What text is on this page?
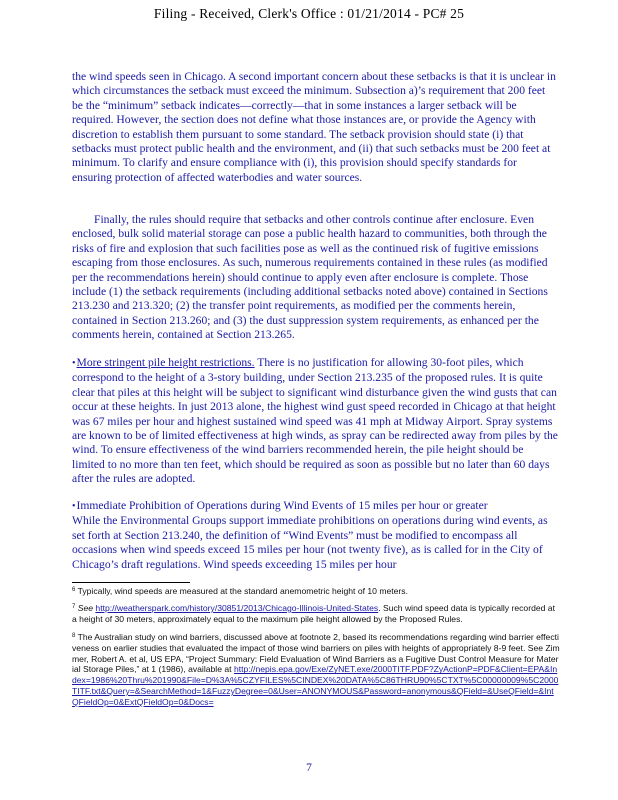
Filing - Received, Clerk's Office : 01/21/2014 - PC# 25

the wind speeds seen in Chicago. A second important concern about these setbacks is that it is unclear in which circumstances the setback must exceed the minimum. Subsection a)’s requirement that 200 feet be the “minimum” setback indicates—correctly—that in some instances a larger setback will be required. However, the section does not define what those instances are, or provide the Agency with discretion to establish them pursuant to some standard. The setback provision should state (i) that setbacks must protect public health and the environment, and (ii) that such setbacks must be 200 feet at minimum. To clarify and ensure compliance with (i), this provision should specify standards for ensuring protection of affected waterbodies and water sources.

Finally, the rules should require that setbacks and other controls continue after enclosure. Even enclosed, bulk solid material storage can pose a public health hazard to communities, both through the risks of fire and explosion that such facilities pose as well as the continued risk of fugitive emissions escaping from those enclosures. As such, numerous requirements contained in these rules (as modified per the recommendations herein) should continue to apply even after enclosure is complete. Those include (1) the setback requirements (including additional setbacks noted above) contained in Sections 213.230 and 213.320; (2) the transfer point requirements, as modified per the comments herein, contained in Section 213.260; and (3) the dust suppression system requirements, as enhanced per the comments herein, contained at Section 213.265.

•More stringent pile height restrictions. There is no justification for allowing 30-foot piles, which correspond to the height of a 3-story building, under Section 213.235 of the proposed rules. It is quite clear that piles at this height will be subject to significant wind disturbance given the wind gusts that can occur at these heights. In just 2013 alone, the highest wind gust speed recorded in Chicago at that height was 67 miles per hour and highest sustained wind speed was 41 mph at Midway Airport. Spray systems are known to be of limited effectiveness at high winds, as spray can be redirected away from piles by the wind. To ensure effectiveness of the wind barriers recommended herein, the pile height should be limited to no more than ten feet, which should be required as soon as possible but no later than 60 days after the rules are adopted.

•Immediate Prohibition of Operations during Wind Events of 15 miles per hour or greater
While the Environmental Groups support immediate prohibitions on operations during wind events, as set forth at Section 213.240, the definition of “Wind Events” must be modified to encompass all occasions when wind speeds exceed 15 miles per hour (not twenty five), as is called for in the City of Chicago’s draft regulations. Wind speeds exceeding 15 miles per hour

$^6$ Typically, wind speeds are measured at the standard anemometric height of 10 meters.

$^7$ See http://weatherspark.com/history/30851/2013/Chicago-Illinois-United-States. Such wind speed data is typically recorded at a height of 30 meters, approximately equal to the maximum pile height allowed by the Proposed Rules.

$^8$ The Australian study on wind barriers, discussed above at footnote 2, based its recommendations regarding wind barrier effectiveness on earlier studies that evaluated the impact of those wind barriers on piles with heights of appropriately 8-9 feet. See Zimmer, Robert A. et al, US EPA, “Project Summary: Field Evaluation of Wind Barriers as a Fugitive Dust Control Measure for Material Storage Piles,” at 1 (1986), available at http://nepis.epa.gov/Exe/ZyNET.exe/2000TITF.PDF?ZyActionP=PDF&Client=EPA&Index=1986%20Thru%201990&File=D%3A%5CZYFILES%5CINDEX%20DATA%5C86THRU90%5CTXT%5C00000009%5C2000TITF.txt&Query=&SearchMethod=1&FuzzyDegree=0&User=ANONYMOUS&Password=anonymous&QField=&UseQField=&IntQFieldOp=0&ExtQFieldOp=0&Docs=

7
